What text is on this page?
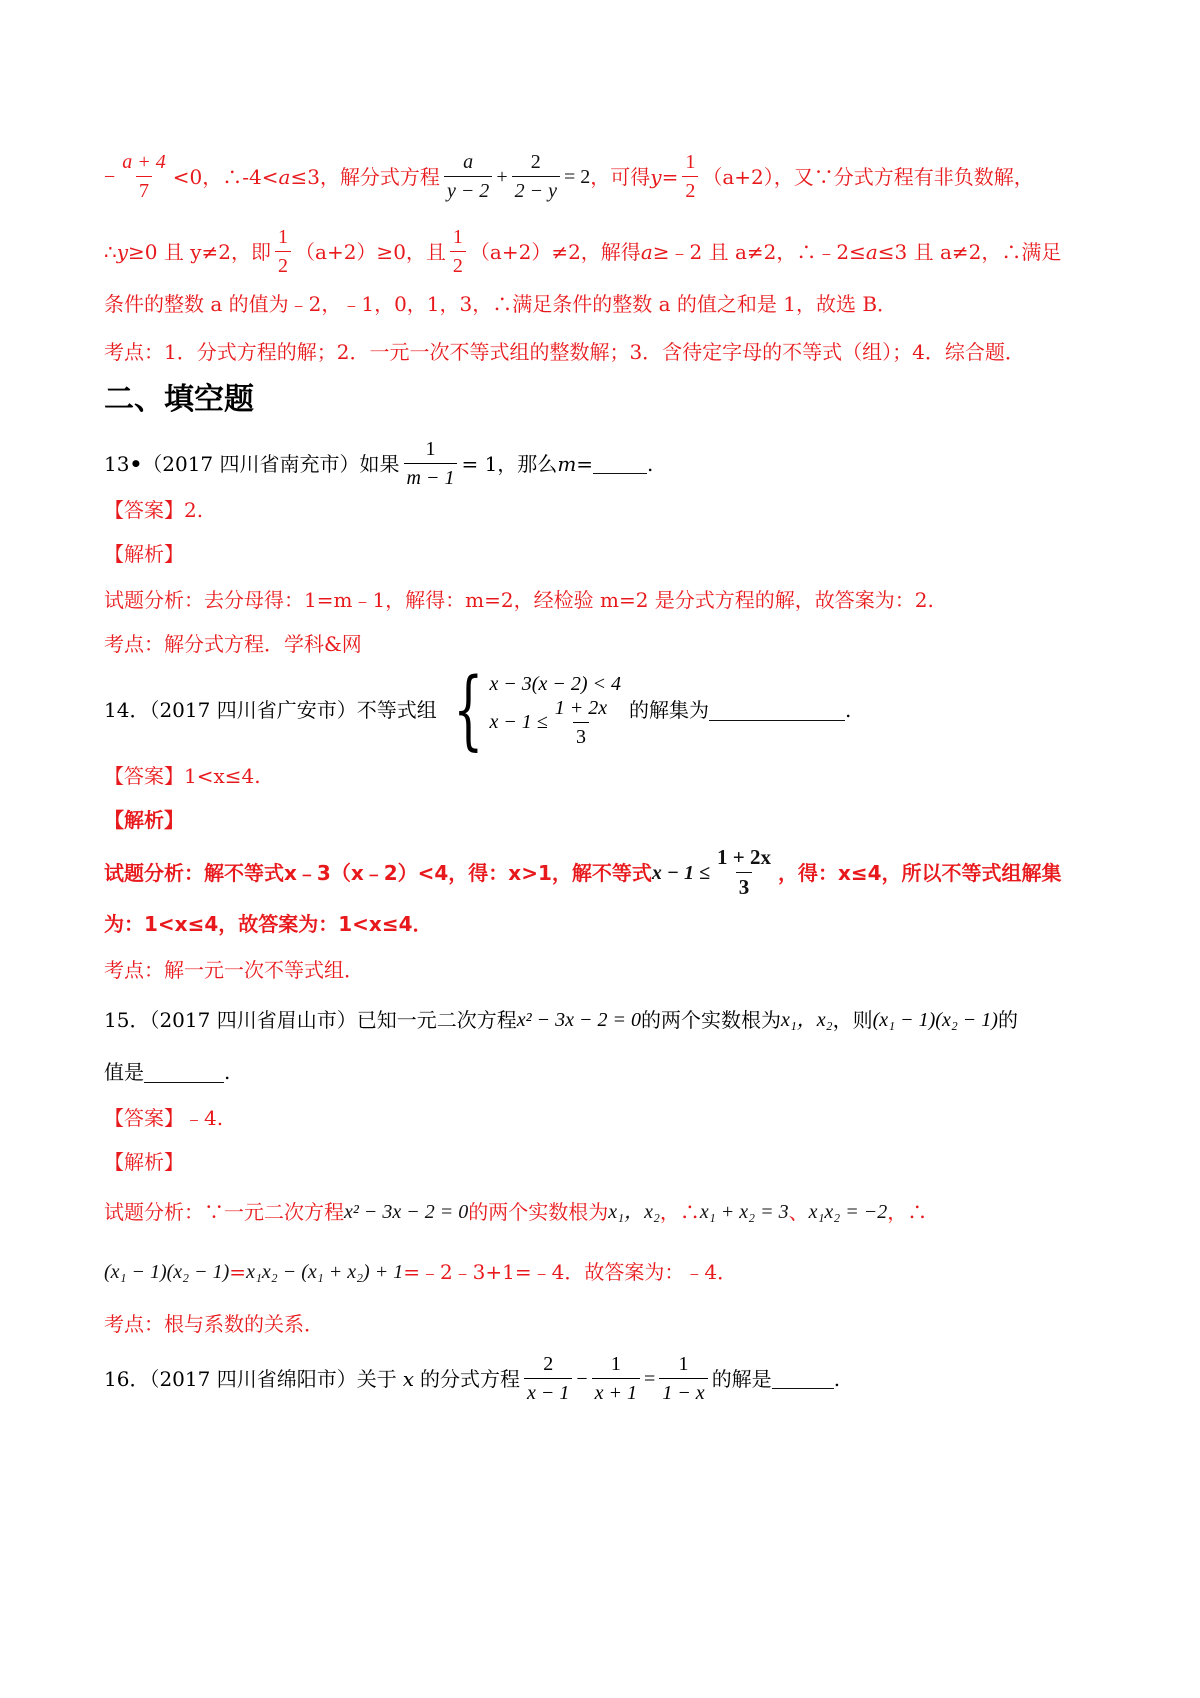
− $\frac{a + 4}{7} <0$，∴-4< a ≤3，解分式方程 $\frac{a}{y - 2} + \frac{2}{2 - y} = 2$ ，可得 $y = \frac{1}{2} (a+2)$，又∵分式方程有非负数解，
∴ y ≥0 且 y≠2，即 $\frac{1}{2} (a+2)\ge 0$，且 $\frac{1}{2} (a+2)\ne 2$，解得 a ≥﹣2 且 a≠2，∴﹣2≤ a ≤3 且 a≠2，∴满足
条件的整数 a 的值为﹣2，﹣1，0，1，3，∴满足条件的整数 a 的值之和是 1，故选 B．
考点：1．分式方程的解；2．一元一次不等式组的整数解；3．含待定字母的不等式（组）；4．综合题．
二、填空题
13 • （2017 四川省南充市）如果 $\frac{1}{m - 1} = 1$，那么 m =	.
【答案】2.
【解析】
试题分析：去分母得：1=m﹣1，解得：m=2，经检验 m=2 是分式方程的解，故答案为：2.
考点：解分式方程．学科&网
14．（2017 四川省广安市）不等式组 { x − 3(x − 2) < 4
$x - 1 \le \frac{1 + 2x}{3}$ 的解集为	.
【答案】1<x≤4.
【解析】
试题分析：解不等式 x﹣3（x﹣2）<4，得：x>1，解不等式 $x - 1 \le \frac{1 + 2x}{3}$ ，得：x≤4，所以不等式组解集
为：1<x≤4，故答案为：1<x≤4．
考点：解一元一次不等式组．
15．（2017 四川省眉山市）已知一元二次方程 x² − 3x − 2 = 0 的两个实数根为 x₁，x₂ ，则 (x₁ − 1)(x₂ − 1) 的
值是	.
【答案】﹣4.
【解析】
试题分析：∵一元二次方程 x² − 3x − 2 = 0 的两个实数根为 x₁，x₂ ，∴ x₁ + x₂ = 3 、 x₁x₂ = −2 ，∴
(x₁ − 1)(x₂ − 1) = x₁x₂ − (x₁ + x₂) + 1 =﹣2﹣3+1=﹣4．故答案为：﹣4．
考点：根与系数的关系．
16．（2017 四川省绵阳市）关于 x 的分式方程 $\frac{2}{x - 1} - \frac{1}{x + 1} = \frac{1}{1 - x}$ 的解是	.
